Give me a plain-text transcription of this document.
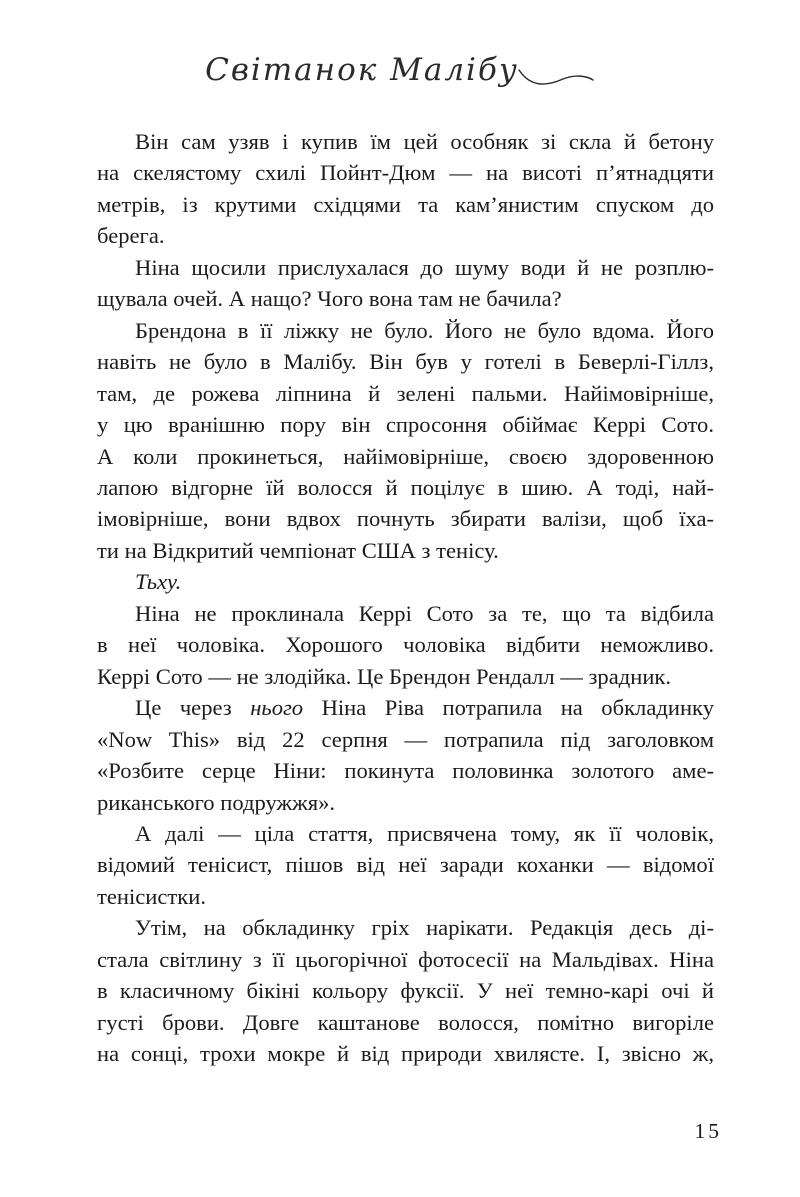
Світанок Малібу
Він сам узяв і купив їм цей особняк зі скла й бетону
на скелястому схилі Пойнт-Дюм — на висоті п’ятнадцяти
метрів, із крутими східцями та кам’янистим спуском до
берега.
Ніна щосили прислухалася до шуму води й не розплю-
щувала очей. А нащо? Чого вона там не бачила?
Брендона в її ліжку не було. Його не було вдома. Його
навіть не було в Малібу. Він був у готелі в Беверлі-Гіллз,
там, де рожева ліпнина й зелені пальми. Найімовірніше,
у цю вранішню пору він спросоння обіймає Керрі Сото.
А коли прокинеться, найімовірніше, своєю здоровенною
лапою відгорне їй волосся й поцілує в шию. А тоді, най-
імовірніше, вони вдвох почнуть збирати валізи, щоб їха-
ти на Відкритий чемпіонат США з тенісу.
Тьху.
Ніна не проклинала Керрі Сото за те, що та відбила
в неї чоловіка. Хорошого чоловіка відбити неможливо.
Керрі Сото — не злодійка. Це Брендон Рендалл — зрадник.
Це через нього Ніна Ріва потрапила на обкладинку
«Now This» від 22 серпня — потрапила під заголовком
«Розбите серце Ніни: покинута половинка золотого аме-
риканського подружжя».
А далі — ціла стаття, присвячена тому, як її чоловік,
відомий тенісист, пішов від неї заради коханки — відомої
тенісистки.
Утім, на обкладинку гріх нарікати. Редакція десь ді-
стала світлину з її цьогорічної фотосесії на Мальдівах. Ніна
в класичному бікіні кольору фуксії. У неї темно-карі очі й
густі брови. Довге каштанове волосся, помітно вигоріле
на сонці, трохи мокре й від природи хвилясте. І, звісно ж,
15
